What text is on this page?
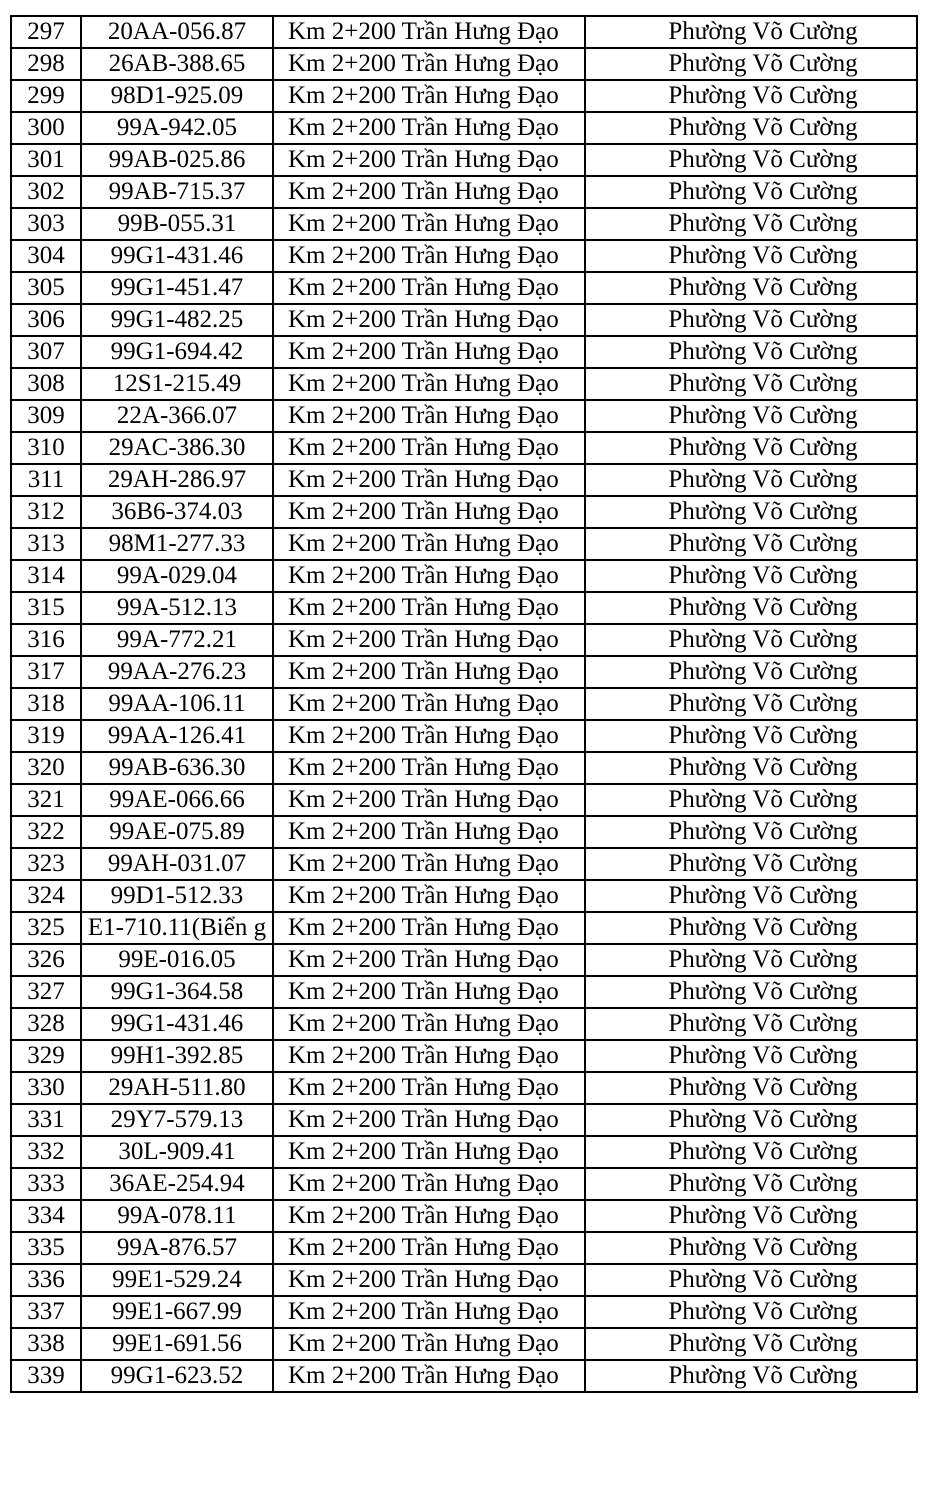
297	20AA-056.87	Km 2+200 Trần Hưng Đạo	Phường Võ Cường
298	26AB-388.65	Km 2+200 Trần Hưng Đạo	Phường Võ Cường
299	98D1-925.09	Km 2+200 Trần Hưng Đạo	Phường Võ Cường
300	99A-942.05	Km 2+200 Trần Hưng Đạo	Phường Võ Cường
301	99AB-025.86	Km 2+200 Trần Hưng Đạo	Phường Võ Cường
302	99AB-715.37	Km 2+200 Trần Hưng Đạo	Phường Võ Cường
303	99B-055.31	Km 2+200 Trần Hưng Đạo	Phường Võ Cường
304	99G1-431.46	Km 2+200 Trần Hưng Đạo	Phường Võ Cường
305	99G1-451.47	Km 2+200 Trần Hưng Đạo	Phường Võ Cường
306	99G1-482.25	Km 2+200 Trần Hưng Đạo	Phường Võ Cường
307	99G1-694.42	Km 2+200 Trần Hưng Đạo	Phường Võ Cường
308	12S1-215.49	Km 2+200 Trần Hưng Đạo	Phường Võ Cường
309	22A-366.07	Km 2+200 Trần Hưng Đạo	Phường Võ Cường
310	29AC-386.30	Km 2+200 Trần Hưng Đạo	Phường Võ Cường
311	29AH-286.97	Km 2+200 Trần Hưng Đạo	Phường Võ Cường
312	36B6-374.03	Km 2+200 Trần Hưng Đạo	Phường Võ Cường
313	98M1-277.33	Km 2+200 Trần Hưng Đạo	Phường Võ Cường
314	99A-029.04	Km 2+200 Trần Hưng Đạo	Phường Võ Cường
315	99A-512.13	Km 2+200 Trần Hưng Đạo	Phường Võ Cường
316	99A-772.21	Km 2+200 Trần Hưng Đạo	Phường Võ Cường
317	99AA-276.23	Km 2+200 Trần Hưng Đạo	Phường Võ Cường
318	99AA-106.11	Km 2+200 Trần Hưng Đạo	Phường Võ Cường
319	99AA-126.41	Km 2+200 Trần Hưng Đạo	Phường Võ Cường
320	99AB-636.30	Km 2+200 Trần Hưng Đạo	Phường Võ Cường
321	99AE-066.66	Km 2+200 Trần Hưng Đạo	Phường Võ Cường
322	99AE-075.89	Km 2+200 Trần Hưng Đạo	Phường Võ Cường
323	99AH-031.07	Km 2+200 Trần Hưng Đạo	Phường Võ Cường
324	99D1-512.33	Km 2+200 Trần Hưng Đạo	Phường Võ Cường
325	E1-710.11(Biển g	Km 2+200 Trần Hưng Đạo	Phường Võ Cường
326	99E-016.05	Km 2+200 Trần Hưng Đạo	Phường Võ Cường
327	99G1-364.58	Km 2+200 Trần Hưng Đạo	Phường Võ Cường
328	99G1-431.46	Km 2+200 Trần Hưng Đạo	Phường Võ Cường
329	99H1-392.85	Km 2+200 Trần Hưng Đạo	Phường Võ Cường
330	29AH-511.80	Km 2+200 Trần Hưng Đạo	Phường Võ Cường
331	29Y7-579.13	Km 2+200 Trần Hưng Đạo	Phường Võ Cường
332	30L-909.41	Km 2+200 Trần Hưng Đạo	Phường Võ Cường
333	36AE-254.94	Km 2+200 Trần Hưng Đạo	Phường Võ Cường
334	99A-078.11	Km 2+200 Trần Hưng Đạo	Phường Võ Cường
335	99A-876.57	Km 2+200 Trần Hưng Đạo	Phường Võ Cường
336	99E1-529.24	Km 2+200 Trần Hưng Đạo	Phường Võ Cường
337	99E1-667.99	Km 2+200 Trần Hưng Đạo	Phường Võ Cường
338	99E1-691.56	Km 2+200 Trần Hưng Đạo	Phường Võ Cường
339	99G1-623.52	Km 2+200 Trần Hưng Đạo	Phường Võ Cường
